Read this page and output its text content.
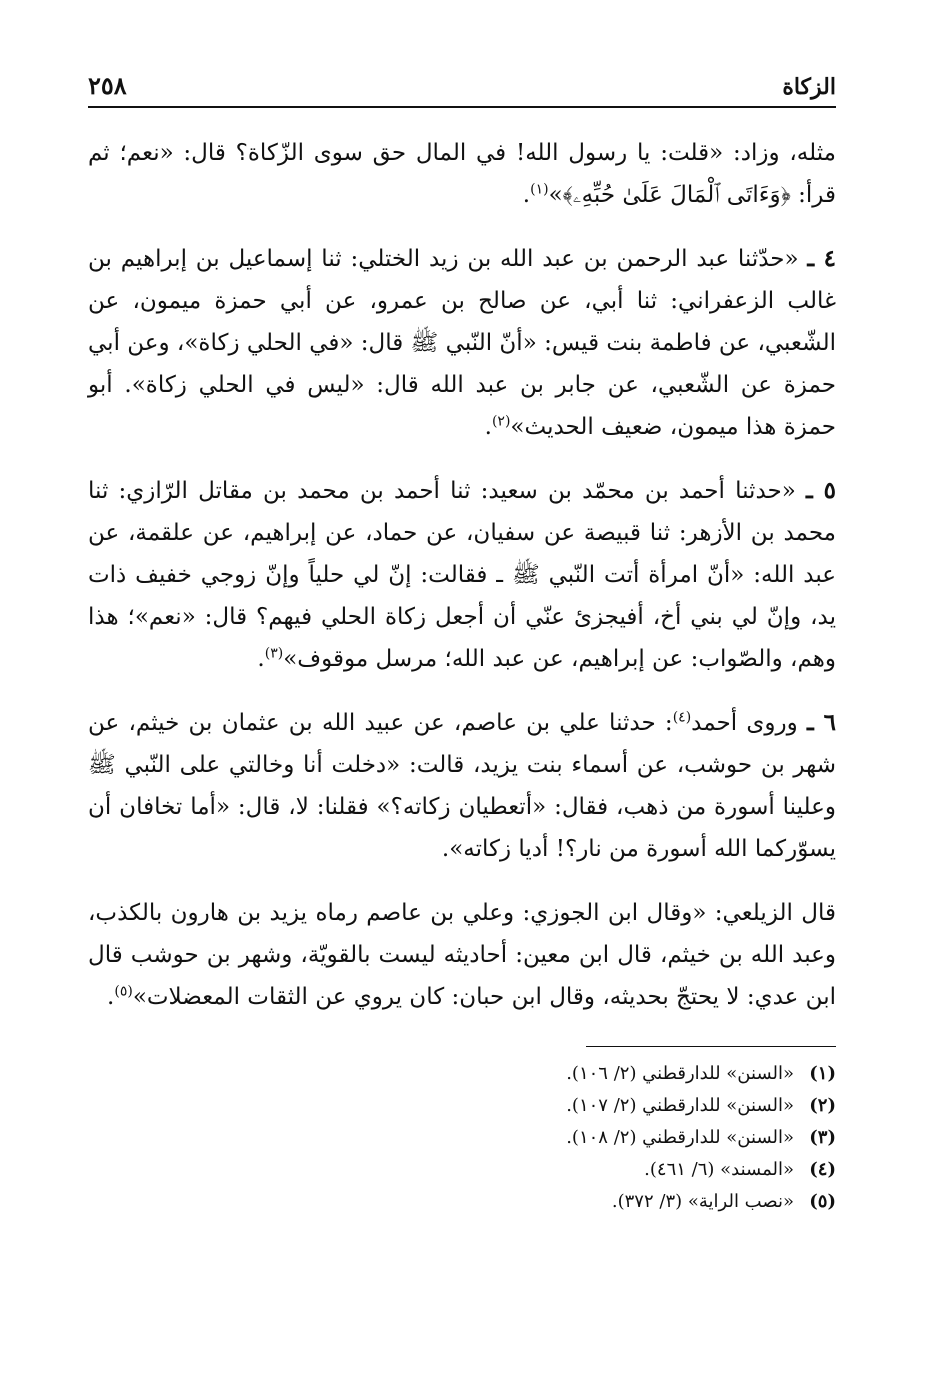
الزكاة
٢٥٨

مثله، وزاد: «قلت: يا رسول الله! في المال حق سوى الزّكاة؟ قال: «نعم؛ ثم قرأ: ﴿وَءَاتَى ٱلْمَالَ عَلَىٰ حُبِّهِۦ﴾»$^{(١)}$.

٤ ـ «حدّثنا عبد الرحمن بن عبد الله بن زيد الختلي: ثنا إسماعيل بن إبراهيم بن غالب الزعفراني: ثنا أبي، عن صالح بن عمرو، عن أبي حمزة ميمون، عن الشّعبي، عن فاطمة بنت قيس: «أنّ النّبي ﷺ قال: «في الحلي زكاة»، وعن أبي حمزة عن الشّعبي، عن جابر بن عبد الله قال: «ليس في الحلي زكاة». أبو حمزة هذا ميمون، ضعيف الحديث»$^{(٢)}$.

٥ ـ «حدثنا أحمد بن محمّد بن سعيد: ثنا أحمد بن محمد بن مقاتل الرّازي: ثنا محمد بن الأزهر: ثنا قبيصة عن سفيان، عن حماد، عن إبراهيم، عن علقمة، عن عبد الله: «أنّ امرأة أتت النّبي ﷺ ـ فقالت: إنّ لي حلياً وإنّ زوجي خفيف ذات يد، وإنّ لي بني أخ، أفيجزئ عنّي أن أجعل زكاة الحلي فيهم؟ قال: «نعم»؛ هذا وهم، والصّواب: عن إبراهيم، عن عبد الله؛ مرسل موقوف»$^{(٣)}$.

٦ ـ وروى أحمد$^{(٤)}$: حدثنا علي بن عاصم، عن عبيد الله بن عثمان بن خيثم، عن شهر بن حوشب، عن أسماء بنت يزيد، قالت: «دخلت أنا وخالتي على النّبي ﷺ وعلينا أسورة من ذهب، فقال: «أتعطيان زكاته؟» فقلنا: لا، قال: «أما تخافان أن يسوّركما الله أسورة من نار؟! أديا زكاته».

قال الزيلعي: «وقال ابن الجوزي: وعلي بن عاصم رماه يزيد بن هارون بالكذب، وعبد الله بن خيثم، قال ابن معين: أحاديثه ليست بالقويّة، وشهر بن حوشب قال ابن عدي: لا يحتجّ بحديثه، وقال ابن حبان: كان يروي عن الثقات المعضلات»$^{(٥)}$.

(١)
«السنن» للدارقطني (٢/ ١٠٦).
(٢)
«السنن» للدارقطني (٢/ ١٠٧).
(٣)
«السنن» للدارقطني (٢/ ١٠٨).
(٤)
«المسند» (٦/ ٤٦١).
(٥)
«نصب الراية» (٣/ ٣٧٢).
